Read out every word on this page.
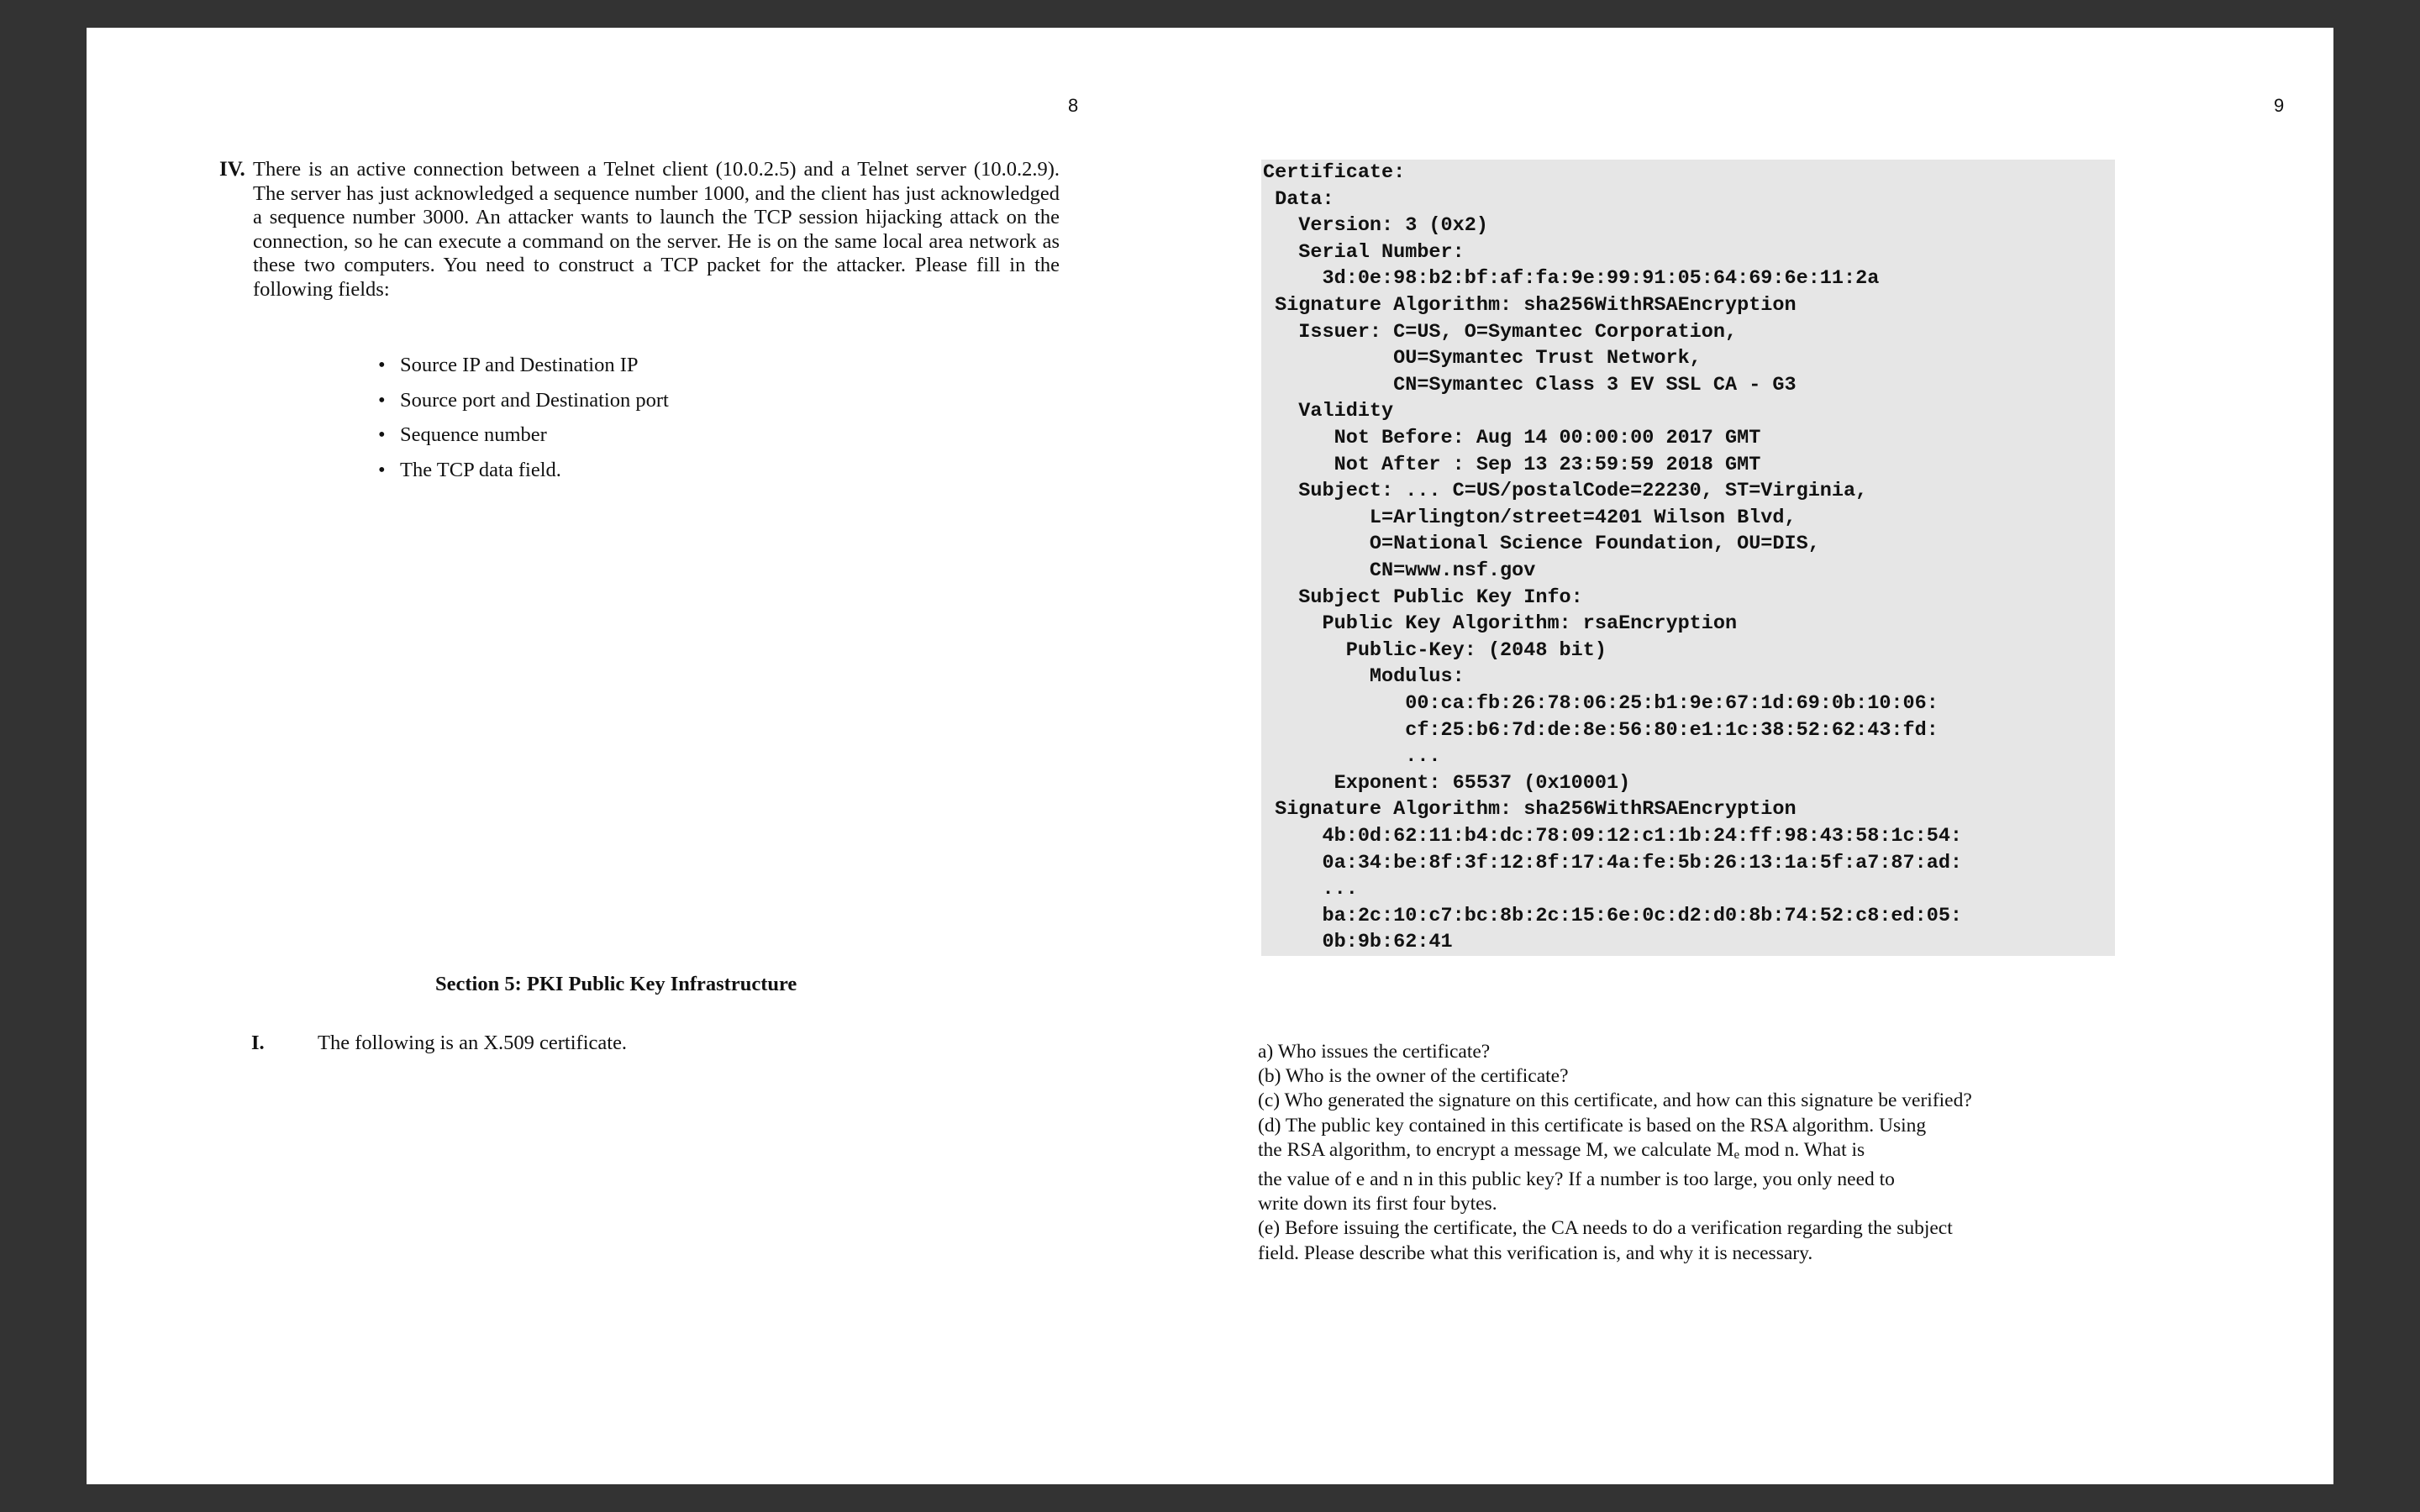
8
IV. There is an active connection between a Telnet client (10.0.2.5) and a Telnet server (10.0.2.9). The server has just acknowledged a sequence number 1000, and the client has just acknowledged a sequence number 3000. An attacker wants to launch the TCP session hijacking attack on the connection, so he can execute a command on the server. He is on the same local area network as these two computers. You need to construct a TCP packet for the attacker. Please fill in the following fields:
• Source IP and Destination IP
• Source port and Destination port
• Sequence number
• The TCP data field.
Section 5: PKI Public Key Infrastructure
I.	The following is an X.509 certificate.
9
Certificate:
Data:
Version: 3 (0x2)
Serial Number:
3d:0e:98:b2:bf:af:fa:9e:99:91:05:64:69:6e:11:2a
Signature Algorithm: sha256WithRSAEncryption
Issuer: C=US, O=Symantec Corporation,
OU=Symantec Trust Network,
CN=Symantec Class 3 EV SSL CA - G3
Validity
Not Before: Aug 14 00:00:00 2017 GMT
Not After : Sep 13 23:59:59 2018 GMT
Subject: ... C=US/postalCode=22230, ST=Virginia,
L=Arlington/street=4201 Wilson Blvd,
O=National Science Foundation, OU=DIS,
CN=www.nsf.gov
Subject Public Key Info:
Public Key Algorithm: rsaEncryption
Public-Key: (2048 bit)
Modulus:
00:ca:fb:26:78:06:25:b1:9e:67:1d:69:0b:10:06:
cf:25:b6:7d:de:8e:56:80:e1:1c:38:52:62:43:fd:
...
Exponent: 65537 (0x10001)
Signature Algorithm: sha256WithRSAEncryption
4b:0d:62:11:b4:dc:78:09:12:c1:1b:24:ff:98:43:58:1c:54:
0a:34:be:8f:3f:12:8f:17:4a:fe:5b:26:13:1a:5f:a7:87:ad:
...
ba:2c:10:c7:bc:8b:2c:15:6e:0c:d2:d0:8b:74:52:c8:ed:05:
0b:9b:62:41
a) Who issues the certificate?
(b) Who is the owner of the certificate?
(c) Who generated the signature on this certificate, and how can this signature be verified?
(d) The public key contained in this certificate is based on the RSA algorithm. Using
the RSA algorithm, to encrypt a message M, we calculate Me mod n. What is
the value of e and n in this public key? If a number is too large, you only need to
write down its first four bytes.
(e) Before issuing the certificate, the CA needs to do a verification regarding the subject
field. Please describe what this verification is, and why it is necessary.
